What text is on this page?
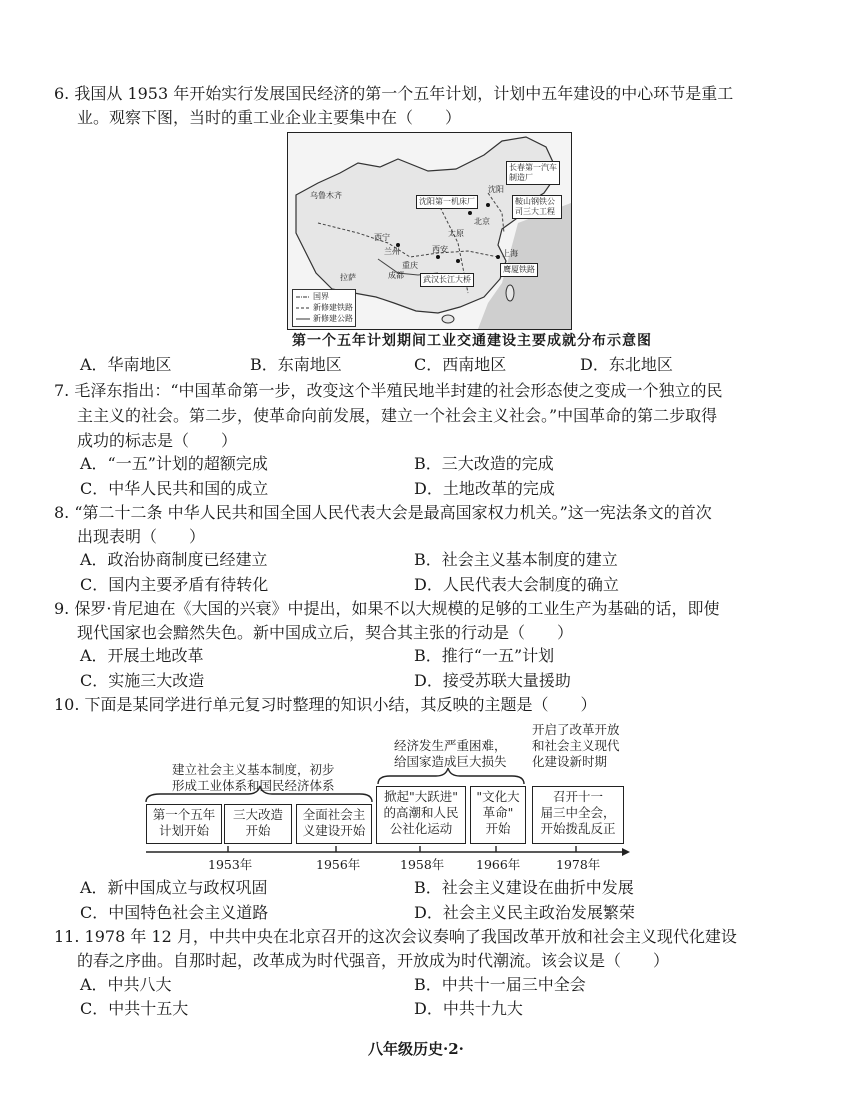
6. 我国从 1953 年开始实行发展国民经济的第一个五年计划，计划中五年建设的中心环节是重工
业。观察下图，当时的重工业企业主要集中在（　　）
长春第一汽车制造厂
沈阳第一机床厂	鞍山钢铁公司三大工程
武汉长江大桥
鹰厦铁路
北京
沈阳
兰州	上海
西安
重庆
太原
西宁
乌鲁木齐
拉萨	成都
国界
新修建铁路
新修建公路
第一个五年计划期间工业交通建设主要成就分布示意图
A．华南地区	B．东南地区	C．西南地区	D．东北地区
7. 毛泽东指出：“中国革命第一步，改变这个半殖民地半封建的社会形态使之变成一个独立的民
主主义的社会。第二步，使革命向前发展，建立一个社会主义社会。”中国革命的第二步取得
成功的标志是（　　）
A．“一五”计划的超额完成	B．三大改造的完成
C．中华人民共和国的成立	D．土地改革的完成
8. “第二十二条 中华人民共和国全国人民代表大会是最高国家权力机关。”这一宪法条文的首次
出现表明（　　）
A．政治协商制度已经建立	B．社会主义基本制度的建立
C．国内主要矛盾有待转化	D．人民代表大会制度的确立
9. 保罗·肯尼迪在《大国的兴衰》中提出，如果不以大规模的足够的工业生产为基础的话，即使
现代国家也会黯然失色。新中国成立后，契合其主张的行动是（　　）
A．开展土地改革	B．推行“一五”计划
C．实施三大改造	D．接受苏联大量援助
10. 下面是某同学进行单元复习时整理的知识小结，其反映的主题是（　　）
建立社会主义基本制度，初步
形成工业体系和国民经济体系
经济发生严重困难，
给国家造成巨大损失
开启了改革开放
和社会主义现代
化建设新时期
第一个五年
计划开始
三大改造
开始
全面社会主
义建设开始
掀起"大跃进"
的高潮和人民
公社化运动
"文化大
革命"
开始
召开十一
届三中全会，
开始拨乱反正
1953年	1956年	1958年	1966年	1978年
A．新中国成立与政权巩固	B．社会主义建设在曲折中发展
C．中国特色社会主义道路	D．社会主义民主政治发展繁荣
11. 1978 年 12 月，中共中央在北京召开的这次会议奏响了我国改革开放和社会主义现代化建设
的春之序曲。自那时起，改革成为时代强音，开放成为时代潮流。该会议是（　　）
A．中共八大	B．中共十一届三中全会
C．中共十五大	D．中共十九大
八年级历史·2·
